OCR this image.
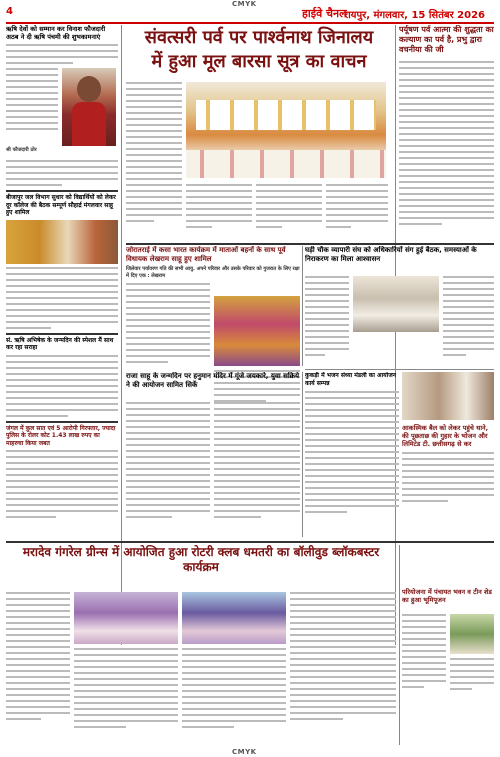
CMYK
4	हाईवे चैनल
रायपुर, मंगलवार, 15 सितंबर 2026
ऋषि देवों को सम्मान कर विनाश फौजदारी अठब ने दी ऋषि पंचमी की शुभकामनाएं
श्री फौजदारी ठोर
बीजापुर जल विभाग सुधार को विद्यार्थियों को लेकर दूर कॉलेज की बैठक सम्पूर्ण सौहार्द्र मंगलवार साहू हुए शामिल
सं. ऋषि अभिषेक के जन्मदिन की स्पेशल मैं साथ कर रहा सराहा
जंगल में कुल सात एवं 5 आरोपी गिरफ्तार, ज्यादा पुलिस के रोलर कोट 1.43 लाख रुपए का माहरुचा किया जबत
संवत्सरी पर्व पर पार्श्वनाथ जिनालय
में हुआ मूल बारसा सूत्र का वाचन
पर्यूषण पर्व आत्मा की शुद्धता का कल्याण का पर्व है, प्रभु द्वारा वचनीया की जी
जोरातराई में कसा भारत कार्यक्रम में माताओं बहनों के साथ पूर्व विधायक लेखराम साहू हुए शामिल
जिलेवार पर्यावरण गति की सभी आयु. अपने परिवार और उसके परिवार को गुजरात के लिए रक्षा में दिए एक : लेखराम
घड़ी चौक व्यापारी संघ को अधिकारियों संग हुई बैठक, समस्याओं के निराकरण का मिला आश्वासन
राजा साहू के जन्मदिन पर हनुमान मंदिर में गूंजे जयकारे, युवा सक्रिये ने की आयोजन सामित सिर्के
कुकड़ी में भजन संध्या मंडली का आयोजन कार्य सम्पन्न
आकस्मिक बैल को लेकर पहुंचे थाने, की पूछताछ की गुहार के भोजन और लिमिटेड टी. छत्तीसगढ़ से कर
मरादेव गंगरेल ग्रीन्स में आयोजित हुआ रोटरी क्लब धमतरी का बॉलीवुड ब्लॉकबस्टर कार्यक्रम
परियोजना में पंचायत भवन व टीन शेड का हुआ भूमिपूजन
CMYK
